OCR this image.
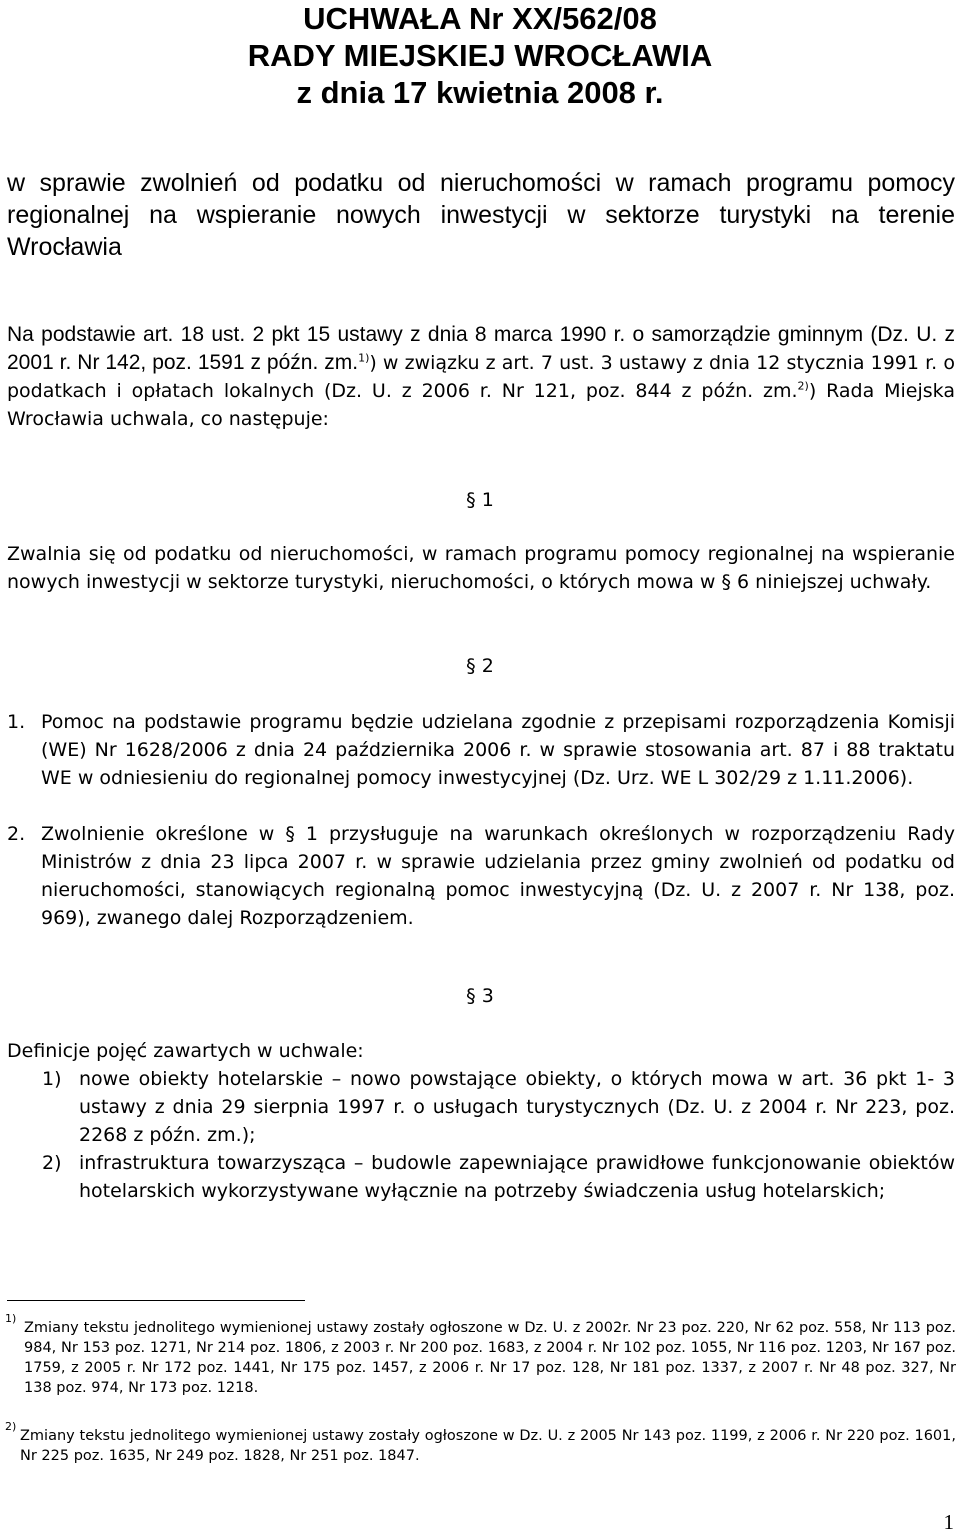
UCHWAŁA Nr XX/562/08
RADY MIEJSKIEJ WROCŁAWIA
z dnia 17 kwietnia 2008 r.
w sprawie zwolnień od podatku od nieruchomości w ramach programu pomocy regionalnej na wspieranie nowych inwestycji w sektorze turystyki na terenie Wrocławia
Na podstawie art. 18 ust. 2 pkt 15 ustawy z dnia 8 marca 1990 r. o samorządzie gminnym (Dz. U. z 2001 r. Nr 142, poz. 1591 z późn. zm.$^{1)}$) w związku z art. 7 ust. 3 ustawy z dnia 12 stycznia 1991 r. o podatkach i opłatach lokalnych (Dz. U. z 2006 r. Nr 121, poz. 844 z późn. zm.$^{2)}$) Rada Miejska Wrocławia uchwala, co następuje:
§ 1
Zwalnia się od podatku od nieruchomości, w ramach programu pomocy regionalnej na wspieranie nowych inwestycji w sektorze turystyki, nieruchomości, o których mowa w § 6 niniejszej uchwały.
§ 2
1. Pomoc na podstawie programu będzie udzielana zgodnie z przepisami rozporządzenia Komisji (WE) Nr 1628/2006 z dnia 24 października 2006 r. w sprawie stosowania art. 87 i 88 traktatu WE w odniesieniu do regionalnej pomocy inwestycyjnej (Dz. Urz. WE L 302/29 z 1.11.2006).
2. Zwolnienie określone w § 1 przysługuje na warunkach określonych w rozporządzeniu Rady Ministrów z dnia 23 lipca 2007 r. w sprawie udzielania przez gminy zwolnień od podatku od nieruchomości, stanowiących regionalną pomoc inwestycyjną (Dz. U. z 2007 r. Nr 138, poz. 969), zwanego dalej Rozporządzeniem.
§ 3
Definicje pojęć zawartych w uchwale:
1) nowe obiekty hotelarskie – nowo powstające obiekty, o których mowa w art. 36 pkt 1- 3 ustawy z dnia 29 sierpnia 1997 r. o usługach turystycznych (Dz. U. z 2004 r. Nr 223, poz. 2268 z późn. zm.);
2) infrastruktura towarzysząca – budowle zapewniające prawidłowe funkcjonowanie obiektów hotelarskich wykorzystywane wyłącznie na potrzeby świadczenia usług hotelarskich;
1)
Zmiany tekstu jednolitego wymienionej ustawy zostały ogłoszone w Dz. U. z 2002r. Nr 23 poz. 220, Nr 62 poz. 558, Nr 113 poz. 984, Nr 153 poz. 1271, Nr 214 poz. 1806, z 2003 r. Nr 200 poz. 1683, z 2004 r. Nr 102 poz. 1055, Nr 116 poz. 1203, Nr 167 poz. 1759, z 2005 r. Nr 172 poz. 1441, Nr 175 poz. 1457, z 2006 r. Nr 17 poz. 128, Nr 181 poz. 1337, z 2007 r. Nr 48 poz. 327, Nr 138 poz. 974, Nr 173 poz. 1218.
2)
Zmiany tekstu jednolitego wymienionej ustawy zostały ogłoszone w Dz. U. z 2005 Nr 143 poz. 1199, z 2006 r. Nr 220 poz. 1601, Nr 225 poz. 1635, Nr 249 poz. 1828, Nr 251 poz. 1847.
1
